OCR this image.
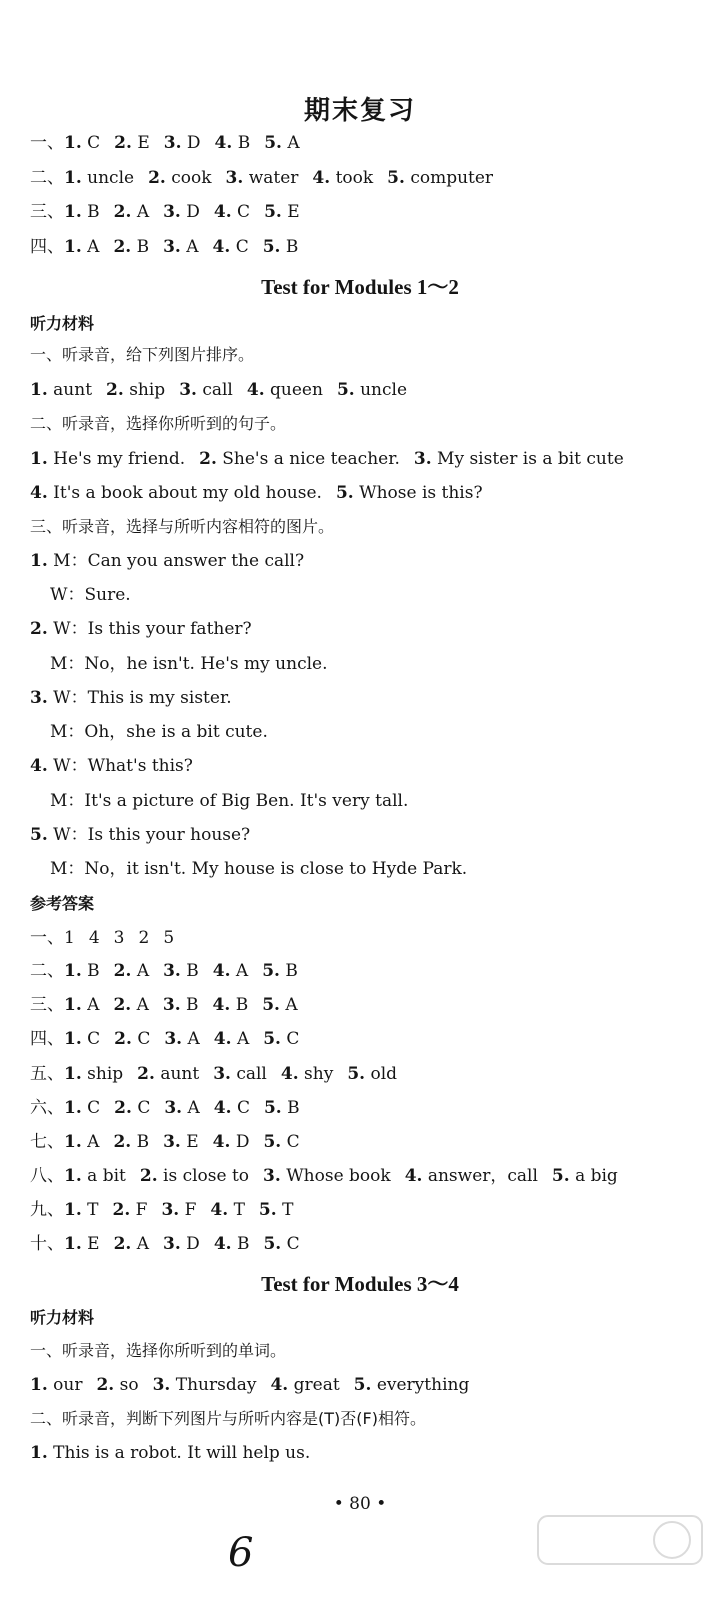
期末复习
一、1. C 2. E 3. D 4. B 5. A
二、1. uncle 2. cook 3. water 4. took 5. computer
三、1. B 2. A 3. D 4. C 5. E
四、1. A 2. B 3. A 4. C 5. B
Test for Modules 1～2
听力材料
一、听录音，给下列图片排序。
1. aunt 2. ship 3. call 4. queen 5. uncle
二、听录音，选择你所听到的句子。
1. He's my friend. 2. She's a nice teacher. 3. My sister is a bit cute
4. It's a book about my old house. 5. Whose is this?
三、听录音，选择与所听内容相符的图片。
1. M：Can you answer the call?
W：Sure.
2. W：Is this your father?
M：No，he isn't. He's my uncle.
3. W：This is my sister.
M：Oh，she is a bit cute.
4. W：What's this?
M：It's a picture of Big Ben. It's very tall.
5. W：Is this your house?
M：No，it isn't. My house is close to Hyde Park.
参考答案
一、1 4 3 2 5
二、1. B 2. A 3. B 4. A 5. B
三、1. A 2. A 3. B 4. B 5. A
四、1. C 2. C 3. A 4. A 5. C
五、1. ship 2. aunt 3. call 4. shy 5. old
六、1. C 2. C 3. A 4. C 5. B
七、1. A 2. B 3. E 4. D 5. C
八、1. a bit 2. is close to 3. Whose book 4. answer，call 5. a big
九、1. T 2. F 3. F 4. T 5. T
十、1. E 2. A 3. D 4. B 5. C
Test for Modules 3～4
听力材料
一、听录音，选择你所听到的单词。
1. our 2. so 3. Thursday 4. great 5. everything
二、听录音，判断下列图片与所听内容是(T)否(F)相符。
1. This is a robot. It will help us.
• 80 •
6
